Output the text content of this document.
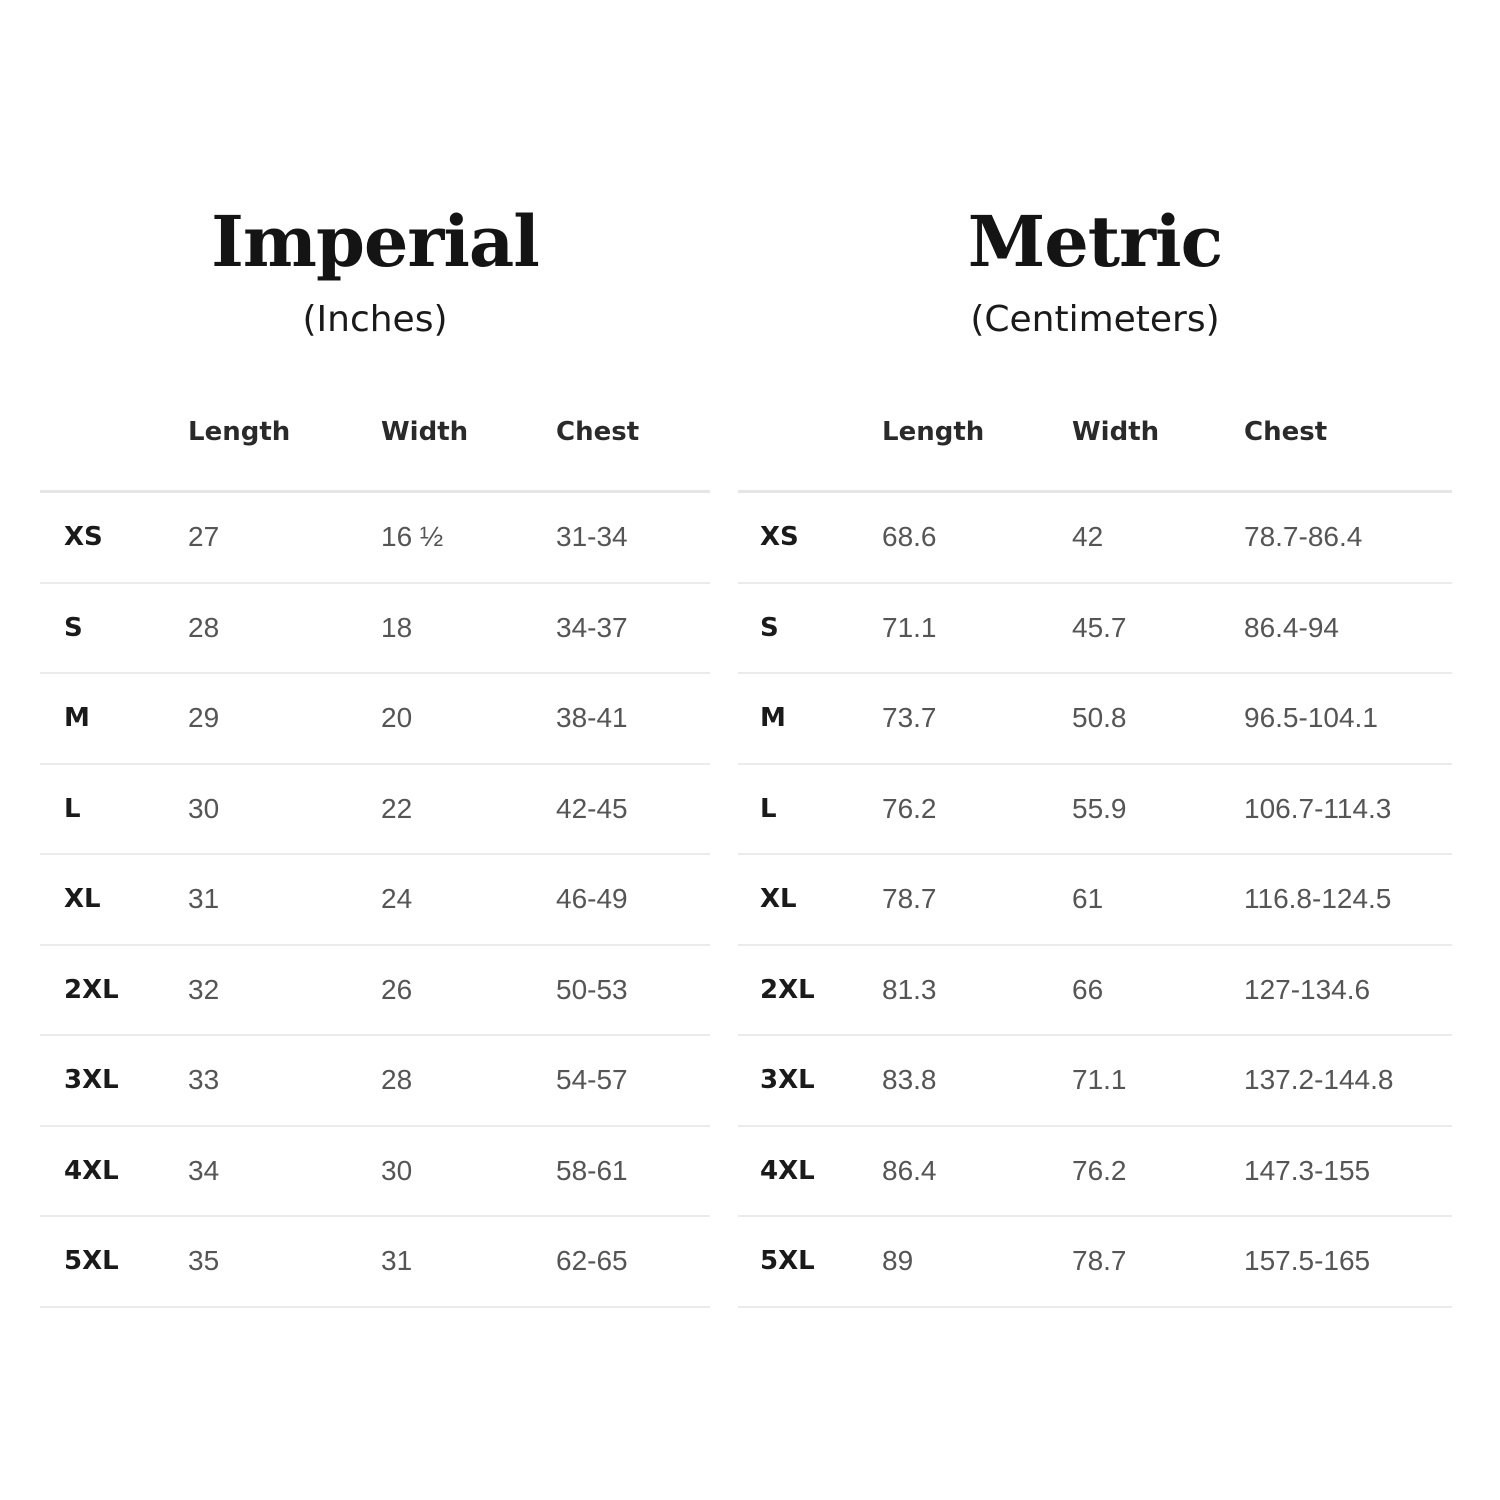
Imperial
(Inches)
Length	Width	Chest
XS	27	16 ½	31-34
S	28	18	34-37
M	29	20	38-41
L	30	22	42-45
XL	31	24	46-49
2XL 32	26	50-53
3XL 33	28	54-57
4XL 34	30	58-61
5XL 35	31	62-65
Metric
(Centimeters)
Length	Width	Chest
XS	68.6	42	78.7-86.4
S	71.1	45.7	86.4-94
M	73.7	50.8	96.5-104.1
L	76.2	55.9	106.7-114.3
XL	78.7	61	116.8-124.5
2XL 81.3	66	127-134.6
3XL 83.8	71.1	137.2-144.8
4XL 86.4	76.2	147.3-155
5XL 89	78.7	157.5-165
